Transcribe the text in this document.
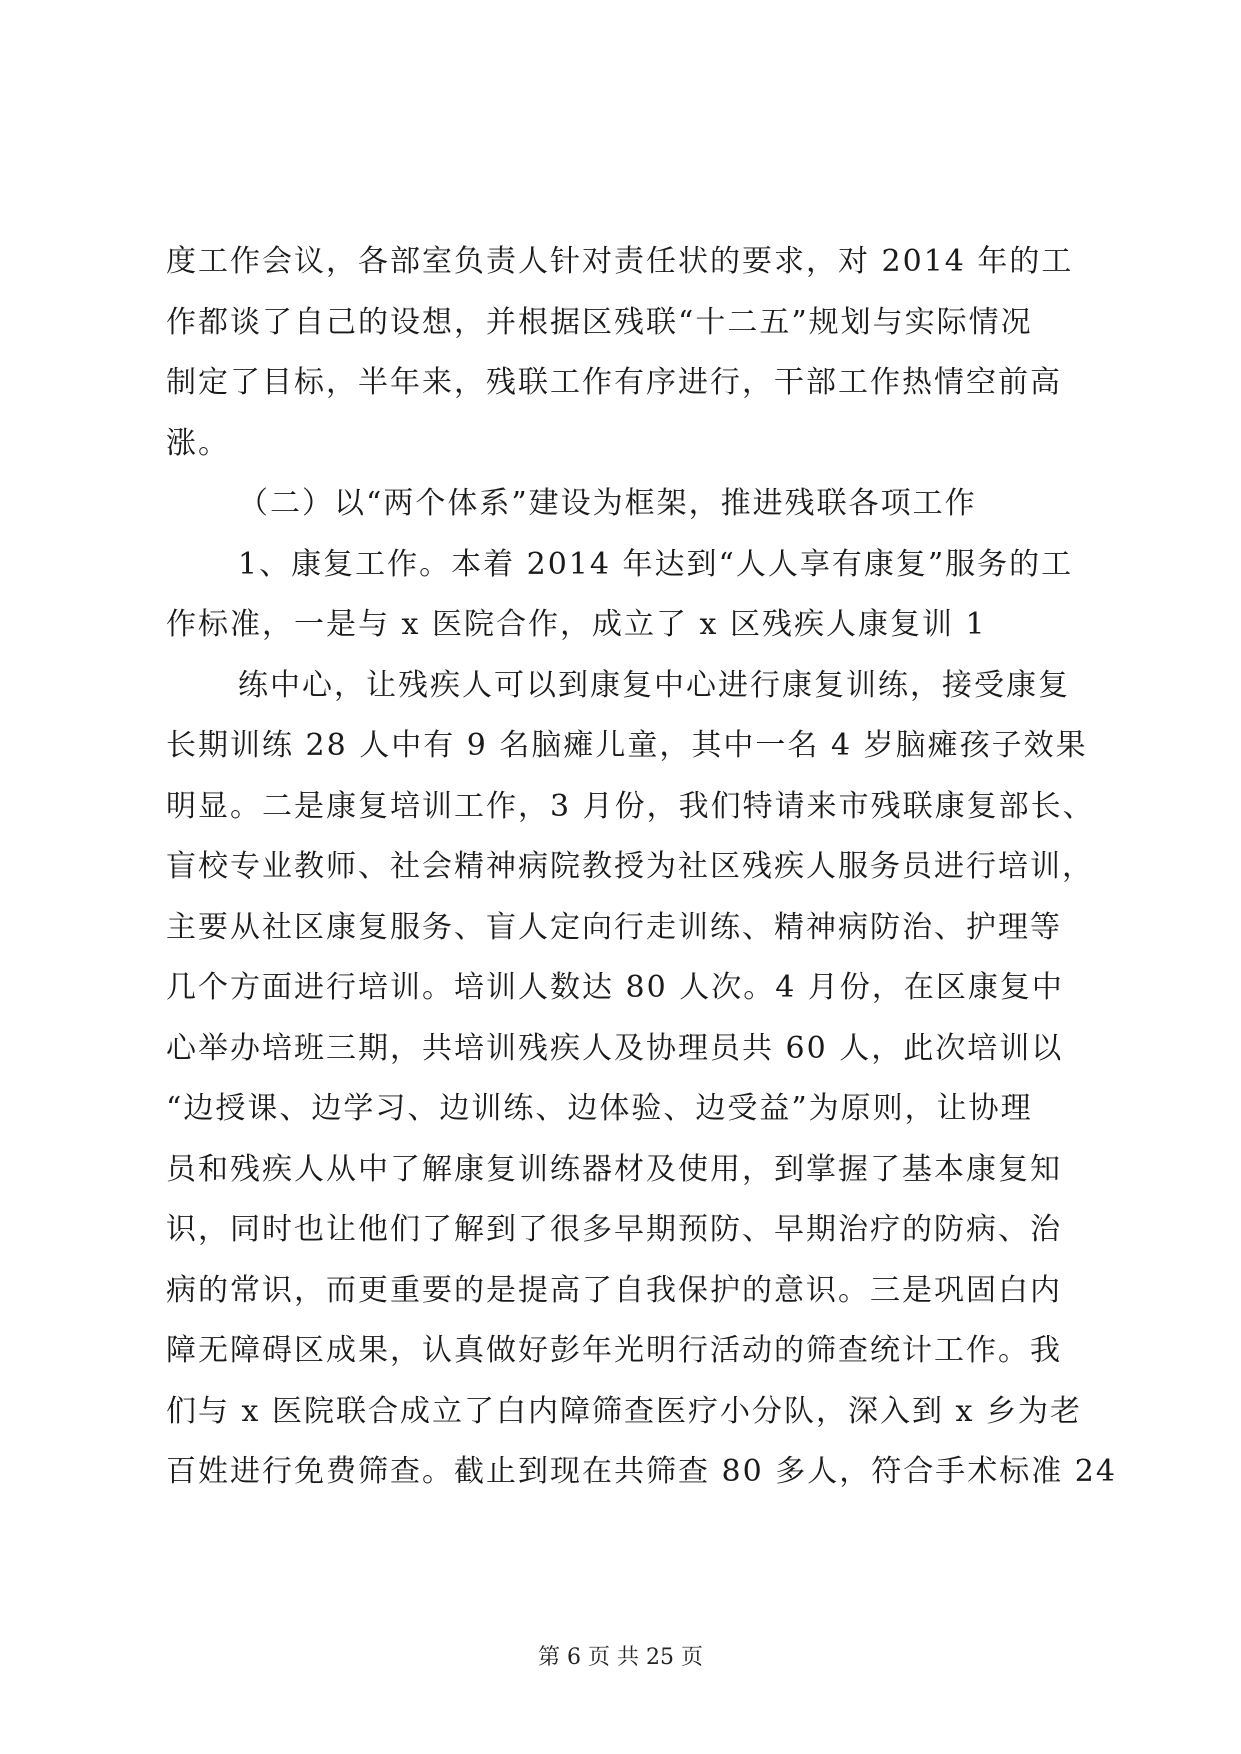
度工作会议，各部室负责人针对责任状的要求，对 2014 年的工
作都谈了自己的设想，并根据区残联“十二五”规划与实际情况
制定了目标，半年来，残联工作有序进行，干部工作热情空前高
涨。
（二）以“两个体系”建设为框架，推进残联各项工作
1、康复工作。本着 2014 年达到“人人享有康复”服务的工
作标准，一是与 x 医院合作，成立了 x 区残疾人康复训 1
练中心，让残疾人可以到康复中心进行康复训练，接受康复
长期训练 28 人中有 9 名脑瘫儿童，其中一名 4 岁脑瘫孩子效果
明显。二是康复培训工作，3 月份，我们特请来市残联康复部长、
盲校专业教师、社会精神病院教授为社区残疾人服务员进行培训，
主要从社区康复服务、盲人定向行走训练、精神病防治、护理等
几个方面进行培训。培训人数达 80 人次。4 月份，在区康复中
心举办培班三期，共培训残疾人及协理员共 60 人，此次培训以
“边授课、边学习、边训练、边体验、边受益”为原则，让协理
员和残疾人从中了解康复训练器材及使用，到掌握了基本康复知
识，同时也让他们了解到了很多早期预防、早期治疗的防病、治
病的常识，而更重要的是提高了自我保护的意识。三是巩固白内
障无障碍区成果，认真做好彭年光明行活动的筛查统计工作。我
们与 x 医院联合成立了白内障筛查医疗小分队，深入到 x 乡为老
百姓进行免费筛查。截止到现在共筛查 80 多人，符合手术标准 24
第 6 页 共 25 页
